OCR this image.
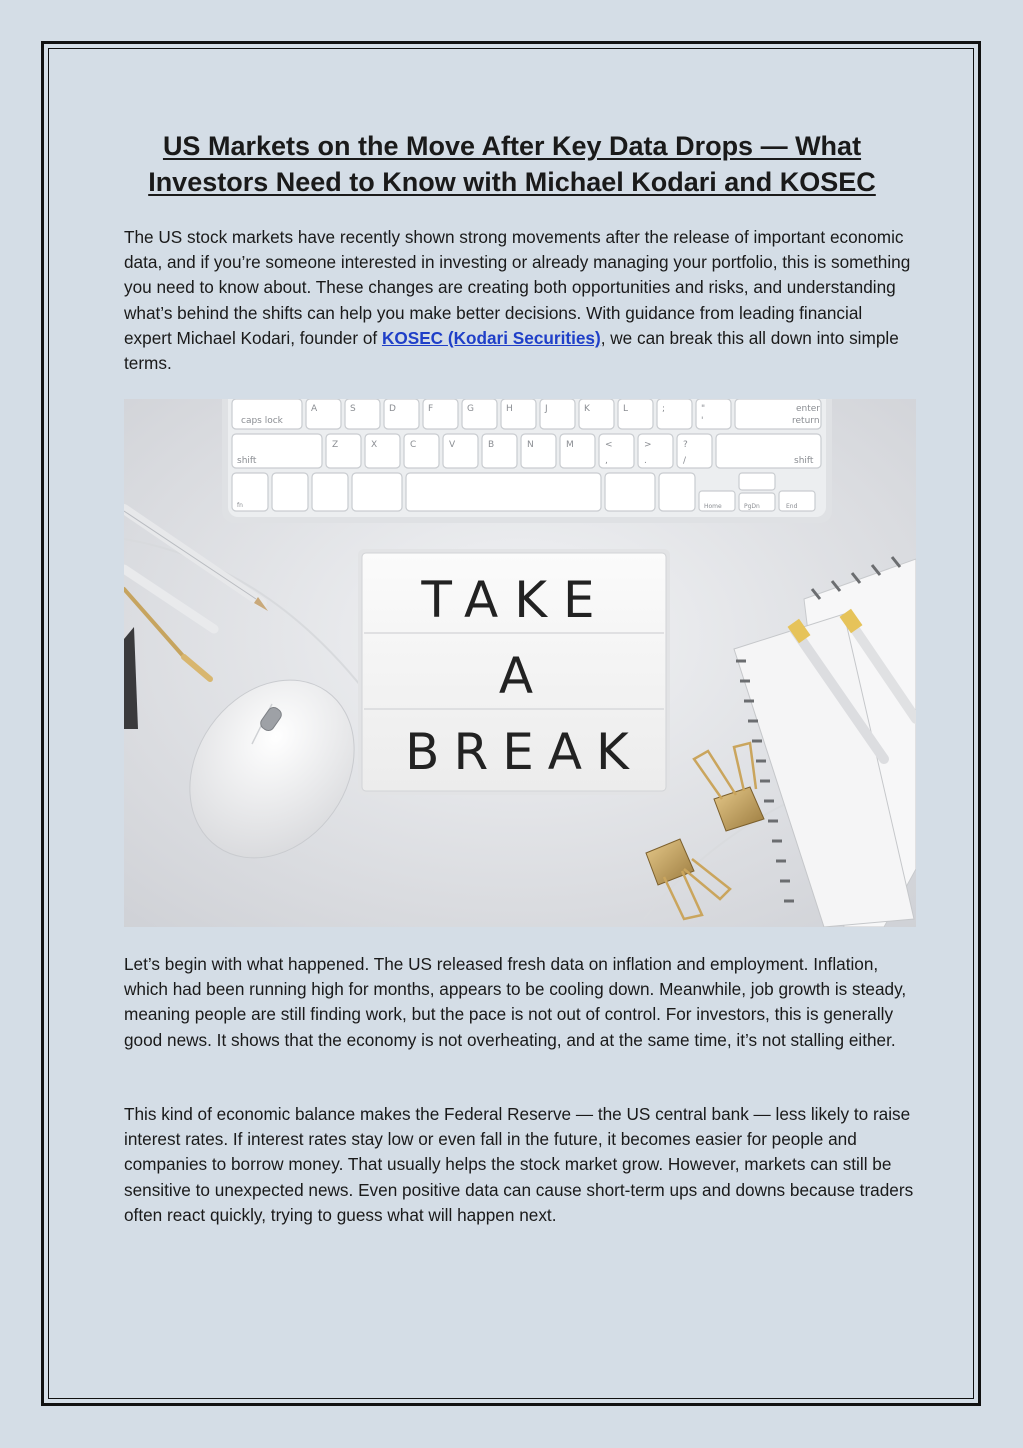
US Markets on the Move After Key Data Drops — What Investors Need to Know with Michael Kodari and KOSEC

The US stock markets have recently shown strong movements after the release of important economic data, and if you’re someone interested in investing or already managing your portfolio, this is something you need to know about. These changes are creating both opportunities and risks, and understanding what’s behind the shifts can help you make better decisions. With guidance from leading financial expert Michael Kodari, founder of KOSEC (Kodari Securities), we can break this all down into simple terms.

caps lock
A	S	D	F	G	H	J	K	L	;	"	enter
'	return
shift
Z	X	C	V	B	N	M	<	>	?
shift
,	.	/
fn	Home	PgDn	End
TAKE
A
BREAK

Let’s begin with what happened. The US released fresh data on inflation and employment. Inflation, which had been running high for months, appears to be cooling down. Meanwhile, job growth is steady, meaning people are still finding work, but the pace is not out of control. For investors, this is generally good news. It shows that the economy is not overheating, and at the same time, it’s not stalling either.

This kind of economic balance makes the Federal Reserve — the US central bank — less likely to raise interest rates. If interest rates stay low or even fall in the future, it becomes easier for people and companies to borrow money. That usually helps the stock market grow. However, markets can still be sensitive to unexpected news. Even positive data can cause short-term ups and downs because traders often react quickly, trying to guess what will happen next.
